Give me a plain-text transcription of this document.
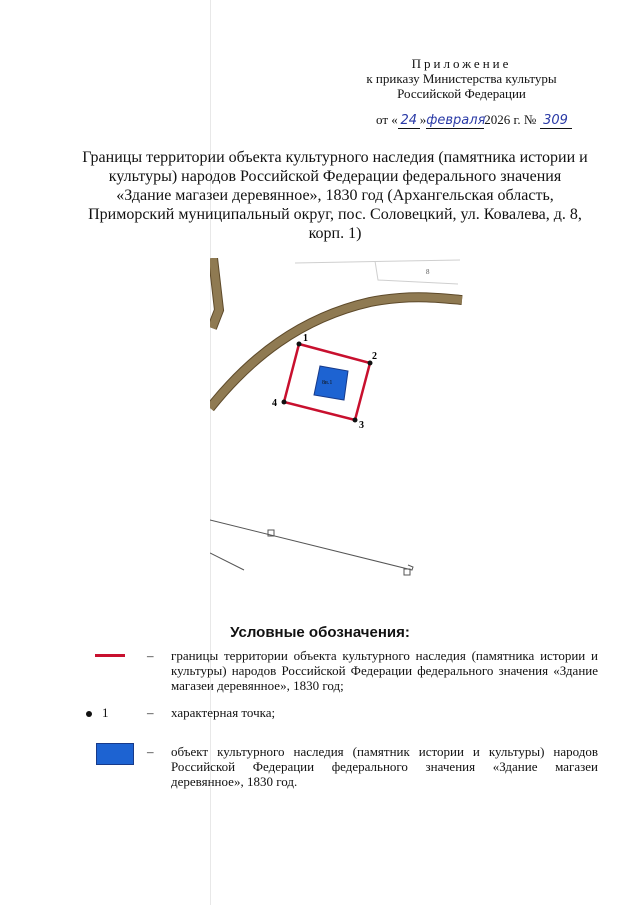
Приложение
к приказу Министерства культуры
Российской Федерации
от « 24 »февраля2026 г. № 309
Границы территории объекта культурного наследия (памятника истории и культуры) народов Российской Федерации федерального значения «Здание магазеи деревянное», 1830 год (Архангельская область, Приморский муниципальный округ, пос. Соловецкий, ул. Ковалева, д. 8, корп. 1)
8
8в.1
1
2
3
4
Условные обозначения:
– границы территории объекта культурного наследия (памятника истории и культуры) народов Российской Федерации федерального значения «Здание магазеи деревянное», 1830 год;
1	– характерная точка;
– объект культурного наследия (памятник истории и культуры) народов Российской Федерации федерального значения «Здание магазеи деревянное», 1830 год.
